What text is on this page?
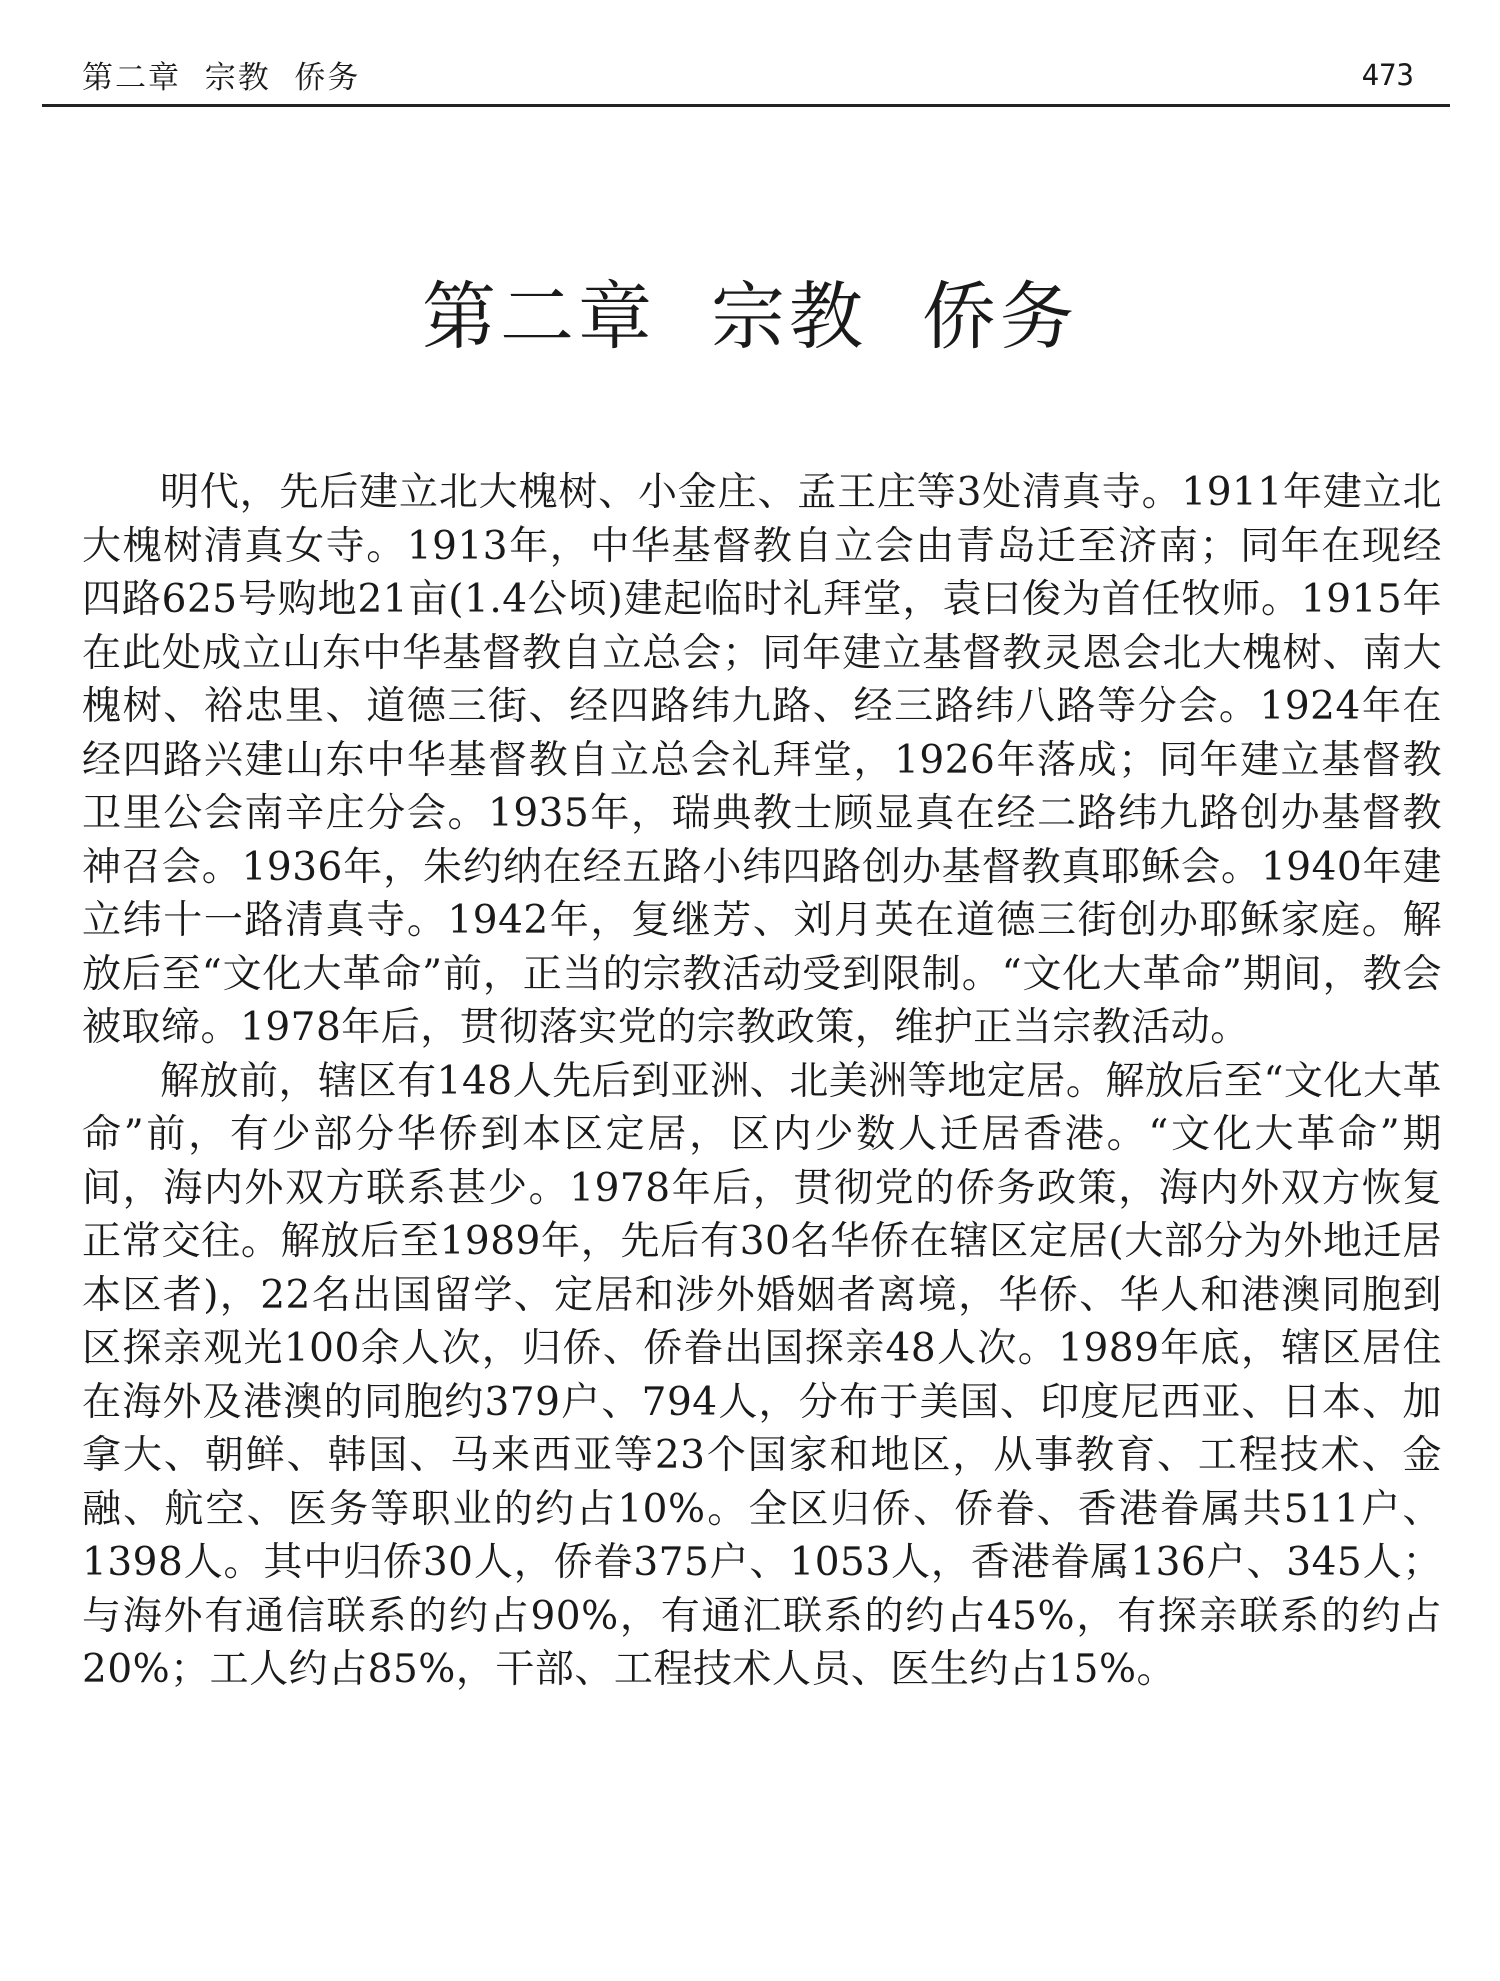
第二章  宗教  侨务	473
第二章  宗教  侨务

明代，先后建立北大槐树、小金庄、孟王庄等3处清真寺。1911年建立北大槐树清真女寺。1913年，中华基督教自立会由青岛迁至济南；同年在现经四路625号购地21亩(1.4公顷)建起临时礼拜堂，袁曰俊为首任牧师。1915年在此处成立山东中华基督教自立总会；同年建立基督教灵恩会北大槐树、南大槐树、裕忠里、道德三街、经四路纬九路、经三路纬八路等分会。1924年在经四路兴建山东中华基督教自立总会礼拜堂，1926年落成；同年建立基督教卫里公会南辛庄分会。1935年，瑞典教士顾显真在经二路纬九路创办基督教神召会。1936年，朱约纳在经五路小纬四路创办基督教真耶稣会。1940年建立纬十一路清真寺。1942年，复继芳、刘月英在道德三街创办耶稣家庭。解放后至“文化大革命”前，正当的宗教活动受到限制。“文化大革命”期间，教会被取缔。1978年后，贯彻落实党的宗教政策，维护正当宗教活动。

解放前，辖区有148人先后到亚洲、北美洲等地定居。解放后至“文化大革命”前，有少部分华侨到本区定居，区内少数人迁居香港。“文化大革命”期间，海内外双方联系甚少。1978年后，贯彻党的侨务政策，海内外双方恢复正常交往。解放后至1989年，先后有30名华侨在辖区定居(大部分为外地迁居本区者)，22名出国留学、定居和涉外婚姻者离境，华侨、华人和港澳同胞到区探亲观光100余人次，归侨、侨眷出国探亲48人次。1989年底，辖区居住在海外及港澳的同胞约379户、794人，分布于美国、印度尼西亚、日本、加拿大、朝鲜、韩国、马来西亚等23个国家和地区，从事教育、工程技术、金融、航空、医务等职业的约占10%。全区归侨、侨眷、香港眷属共511户、1398人。其中归侨30人，侨眷375户、1053人，香港眷属136户、345人；与海外有通信联系的约占90%，有通汇联系的约占45%，有探亲联系的约占20%；工人约占85%，干部、工程技术人员、医生约占15%。
